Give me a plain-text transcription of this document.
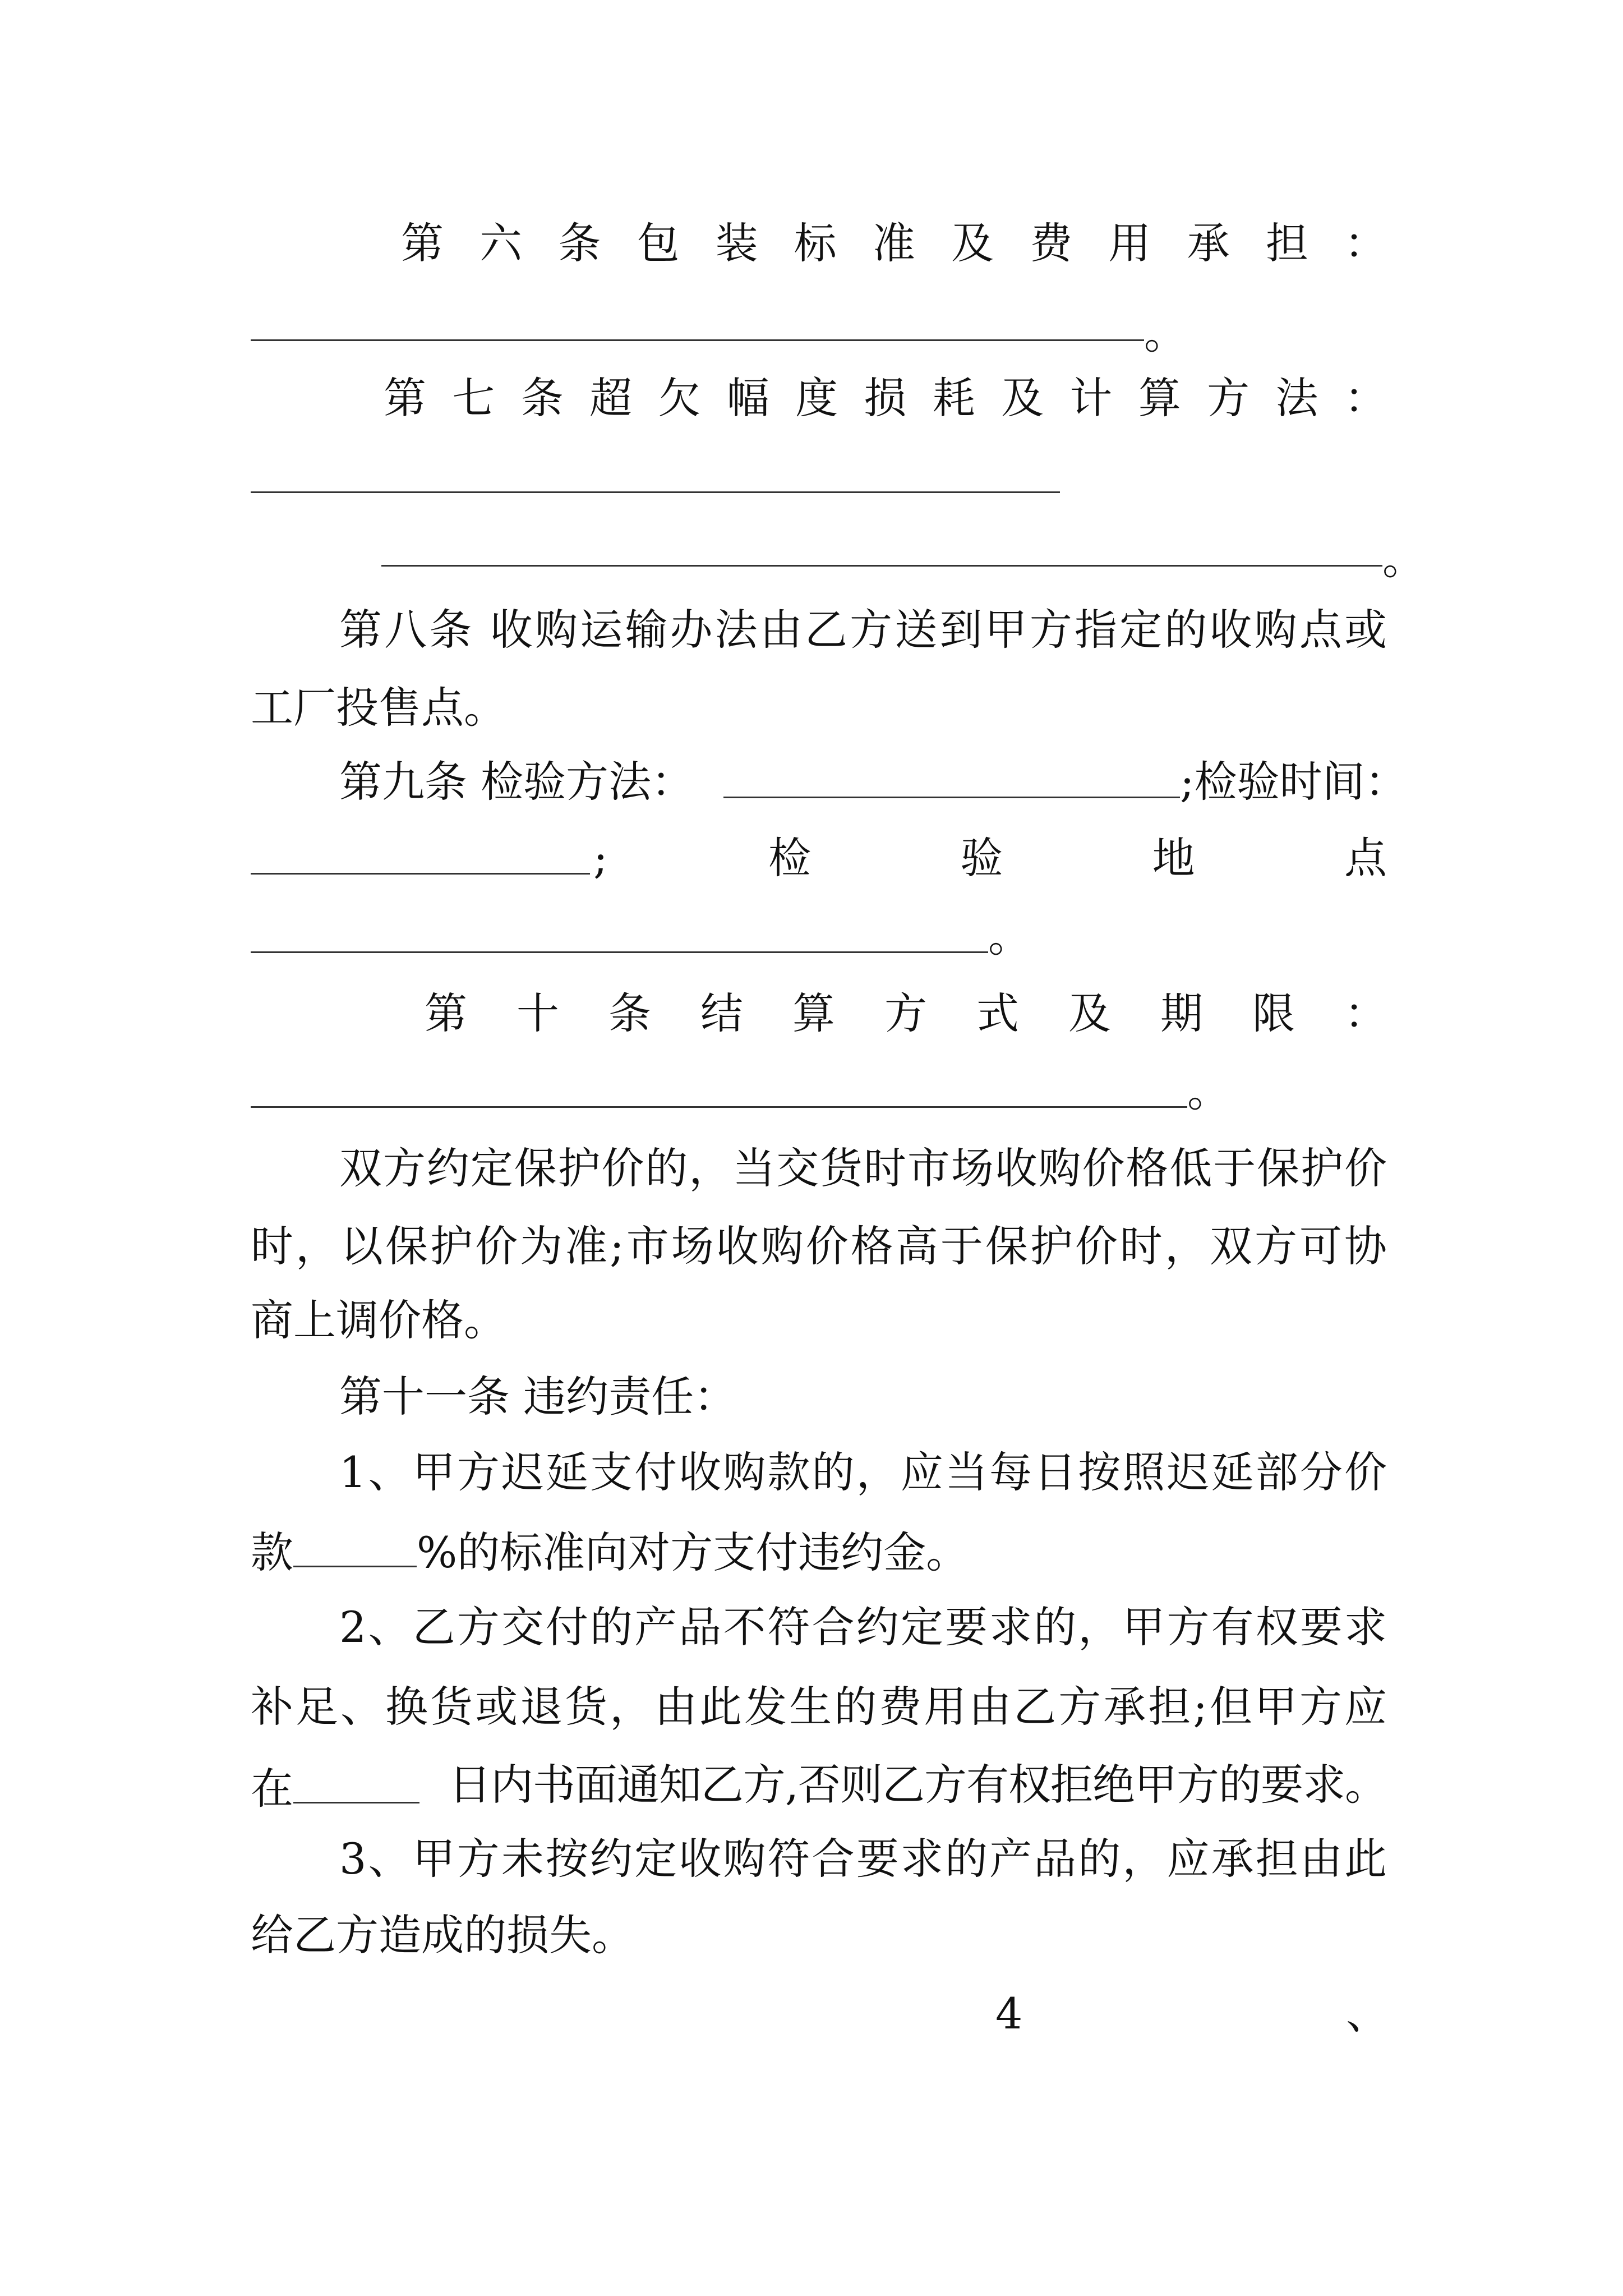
第 六 条 包 装 标 准 及 费 用 承 担 ：
。
第 七 条 超 欠 幅 度 损 耗 及 计 算 方 法 ：
。
第八条 收购运输办法由乙方送到甲方指定的收购点或
工厂投售点。
第九条 检验方法：	;检验时间：
;	检	验	地	点
。
第 十 条 结 算 方 式 及 期 限 ：
。
双方约定保护价的，当交货时市场收购价格低于保护价
时，以保护价为准;市场收购价格高于保护价时，双方可协
商上调价格。
第十一条 违约责任：
1、甲方迟延支付收购款的，应当每日按照迟延部分价
款	%的标准向对方支付违约金。
2、乙方交付的产品不符合约定要求的，甲方有权要求
补足、换货或退货，由此发生的费用由乙方承担;但甲方应
在	日内书面通知乙方,否则乙方有权拒绝甲方的要求。
3、甲方未按约定收购符合要求的产品的，应承担由此
给乙方造成的损失。
4	、
